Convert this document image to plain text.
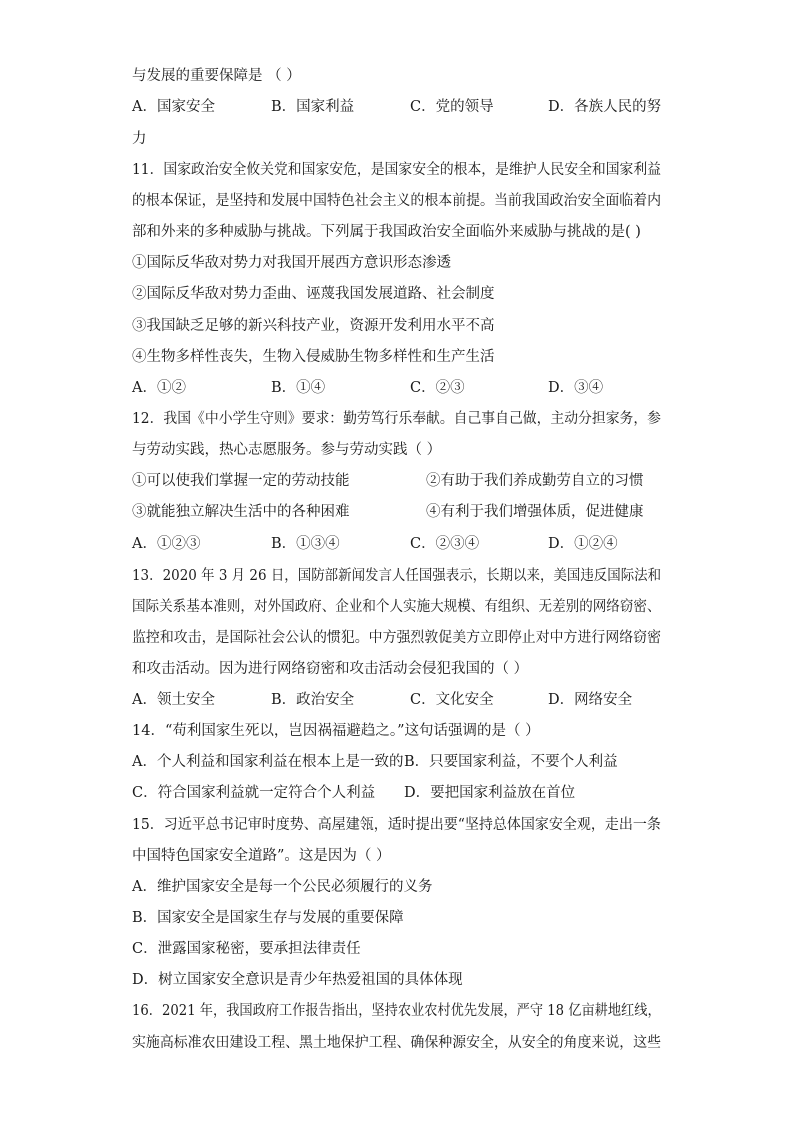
与发展的重要保障是 （ ）
A．国家安全	B．国家利益	C．党的领导	D．各族人民的努
力
11．国家政治安全攸关党和国家安危，是国家安全的根本，是维护人民安全和国家利益
的根本保证，是坚持和发展中国特色社会主义的根本前提。当前我国政治安全面临着内
部和外来的多种威胁与挑战。下列属于我国政治安全面临外来威胁与挑战的是( )
①国际反华敌对势力对我国开展西方意识形态渗透
②国际反华敌对势力歪曲、诬蔑我国发展道路、社会制度
③我国缺乏足够的新兴科技产业，资源开发利用水平不高
④生物多样性丧失，生物入侵威胁生物多样性和生产生活
A．①②	B．①④	C．②③	D．③④
12．我国《中小学生守则》要求：勤劳笃行乐奉献。自己事自己做，主动分担家务，参
与劳动实践，热心志愿服务。参与劳动实践（ ）
①可以使我们掌握一定的劳动技能	②有助于我们养成勤劳自立的习惯
③就能独立解决生活中的各种困难	④有利于我们增强体质，促进健康
A．①②③	B．①③④	C．②③④	D．①②④
13．2020 年 3 月 26 日，国防部新闻发言人任国强表示，长期以来，美国违反国际法和
国际关系基本准则，对外国政府、企业和个人实施大规模、有组织、无差别的网络窃密、
监控和攻击，是国际社会公认的惯犯。中方强烈敦促美方立即停止对中方进行网络窃密
和攻击活动。因为进行网络窃密和攻击活动会侵犯我国的（ ）
A．领土安全	B．政治安全	C．文化安全	D．网络安全
14．“苟利国家生死以，岂因祸福避趋之。”这句话强调的是（ ）
A．个人利益和国家利益在根本上是一致的 B．只要国家利益，不要个人利益
C．符合国家利益就一定符合个人利益 D．要把国家利益放在首位
15．习近平总书记审时度势、高屋建瓴，适时提出要“坚持总体国家安全观，走出一条
中国特色国家安全道路”。这是因为（ ）
A．维护国家安全是每一个公民必须履行的义务
B．国家安全是国家生存与发展的重要保障
C．泄露国家秘密，要承担法律责任
D．树立国家安全意识是青少年热爱祖国的具体体现
16．2021 年，我国政府工作报告指出，坚持农业农村优先发展，严守 18 亿亩耕地红线，
实施高标准农田建设工程、黑土地保护工程、确保种源安全，从安全的角度来说，这些
